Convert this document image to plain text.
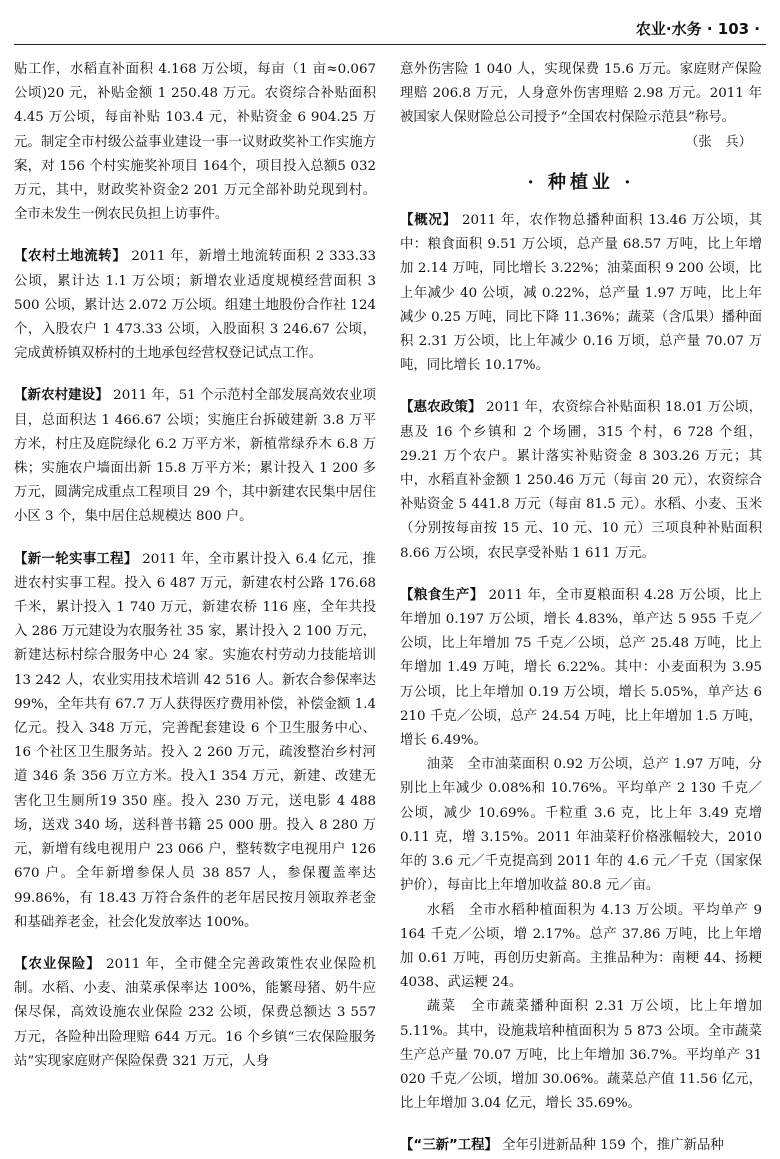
农业·水务 · 103 ·

贴工作，水稻直补面积 4.168 万公顷，每亩（1 亩≈0.067 公顷)20 元，补贴金额 1 250.48 万元。农资综合补贴面积 4.45 万公顷，每亩补贴 103.4 元，补贴资金 6 904.25 万元。制定全市村级公益事业建设一事一议财政奖补工作实施方案，对 156 个村实施奖补项目 164个，项目投入总额5 032 万元，其中，财政奖补资金2 201 万元全部补助兑现到村。全市未发生一例农民负担上访事件。

【农村土地流转】 2011 年，新增土地流转面积 2 333.33 公顷，累计达 1.1 万公顷；新增农业适度规模经营面积 3 500 公顷，累计达 2.072 万公顷。组建土地股份合作社 124 个，入股农户 1 473.33 公顷，入股面积 3 246.67 公顷，完成黄桥镇双桥村的土地承包经营权登记试点工作。

【新农村建设】 2011 年，51 个示范村全部发展高效农业项目，总面积达 1 466.67 公顷；实施庄台拆破建新 3.8 万平方米，村庄及庭院绿化 6.2 万平方米，新植常绿乔木 6.8 万株；实施农户墙面出新 15.8 万平方米；累计投入 1 200 多万元，圆满完成重点工程项目 29 个，其中新建农民集中居住小区 3 个，集中居住总规模达 800 户。

【新一轮实事工程】 2011 年，全市累计投入 6.4 亿元，推进农村实事工程。投入 6 487 万元，新建农村公路 176.68 千米，累计投入 1 740 万元，新建农桥 116 座，全年共投入 286 万元建设为农服务社 35 家，累计投入 2 100 万元，新建达标村综合服务中心 24 家。实施农村劳动力技能培训 13 242 人，农业实用技术培训 42 516 人。新农合参保率达 99%，全年共有 67.7 万人获得医疗费用补偿，补偿金额 1.4 亿元。投入 348 万元，完善配套建设 6 个卫生服务中心、16 个社区卫生服务站。投入 2 260 万元，疏浚整治乡村河道 346 条 356 万立方米。投入1 354 万元，新建、改建无害化卫生厕所19 350 座。投入 230 万元，送电影 4 488 场，送戏 340 场，送科普书籍 25 000 册。投入 8 280 万元，新增有线电视用户 23 066 户，整转数字电视用户 126 670 户。全年新增参保人员 38 857 人，参保覆盖率达 99.86%，有 18.43 万符合条件的老年居民按月领取养老金和基础养老金，社会化发放率达 100%。

【农业保险】 2011 年，全市健全完善政策性农业保险机制。水稻、小麦、油菜承保率达 100%，能繁母猪、奶牛应保尽保，高效设施农业保险 232 公顷，保费总额达 3 557 万元，各险种出险理赔 644 万元。16 个乡镇“三农保险服务站”实现家庭财产保险保费 321 万元，人身

意外伤害险 1 040 人，实现保费 15.6 万元。家庭财产保险理赔 206.8 万元，人身意外伤害理赔 2.98 万元。2011 年被国家人保财险总公司授予“全国农村保险示范县”称号。

（张　兵）

· 种植业 ·

【概况】 2011 年，农作物总播种面积 13.46 万公顷，其中：粮食面积 9.51 万公顷，总产量 68.57 万吨，比上年增加 2.14 万吨，同比增长 3.22%；油菜面积 9 200 公顷，比上年减少 40 公顷，减 0.22%，总产量 1.97 万吨，比上年减少 0.25 万吨，同比下降 11.36%；蔬菜（含瓜果）播种面积 2.31 万公顷，比上年减少 0.16 万顷，总产量 70.07 万吨，同比增长 10.17%。

【惠农政策】 2011 年，农资综合补贴面积 18.01 万公顷，惠及 16 个乡镇和 2 个场圃，315 个村，6 728 个组，29.21 万个农户。累计落实补贴资金 8 303.26 万元；其中，水稻直补金额 1 250.46 万元（每亩 20 元），农资综合补贴资金 5 441.8 万元（每亩 81.5 元）。水稻、小麦、玉米（分别按每亩按 15 元、10 元、10 元）三项良种补贴面积 8.66 万公顷，农民享受补贴 1 611 万元。

【粮食生产】 2011 年，全市夏粮面积 4.28 万公顷，比上年增加 0.197 万公顷，增长 4.83%，单产达 5 955 千克／公顷，比上年增加 75 千克／公顷，总产 25.48 万吨，比上年增加 1.49 万吨，增长 6.22%。其中：小麦面积为 3.95 万公顷，比上年增加 0.19 万公顷，增长 5.05%，单产达 6 210 千克／公顷，总产 24.54 万吨，比上年增加 1.5 万吨，增长 6.49%。

油菜　全市油菜面积 0.92 万公顷，总产 1.97 万吨，分别比上年减少 0.08%和 10.76%。平均单产 2 130 千克／公顷，减少 10.69%。千粒重 3.6 克，比上年 3.49 克增 0.11 克，增 3.15%。2011 年油菜籽价格涨幅较大，2010 年的 3.6 元／千克提高到 2011 年的 4.6 元／千克（国家保护价），每亩比上年增加收益 80.8 元／亩。

水稻　全市水稻种植面积为 4.13 万公顷。平均单产 9 164 千克／公顷，增 2.17%。总产 37.86 万吨，比上年增加 0.61 万吨，再创历史新高。主推品种为：南粳 44、扬粳 4038、武运粳 24。

蔬菜　全市蔬菜播种面积 2.31 万公顷，比上年增加 5.11%。其中，设施栽培种植面积为 5 873 公顷。全市蔬菜生产总产量 70.07 万吨，比上年增加 36.7%。平均单产 31 020 千克／公顷，增加 30.06%。蔬菜总产值 11.56 亿元，比上年增加 3.04 亿元，增长 35.69%。

【“三新”工程】 全年引进新品种 159 个，推广新品种
